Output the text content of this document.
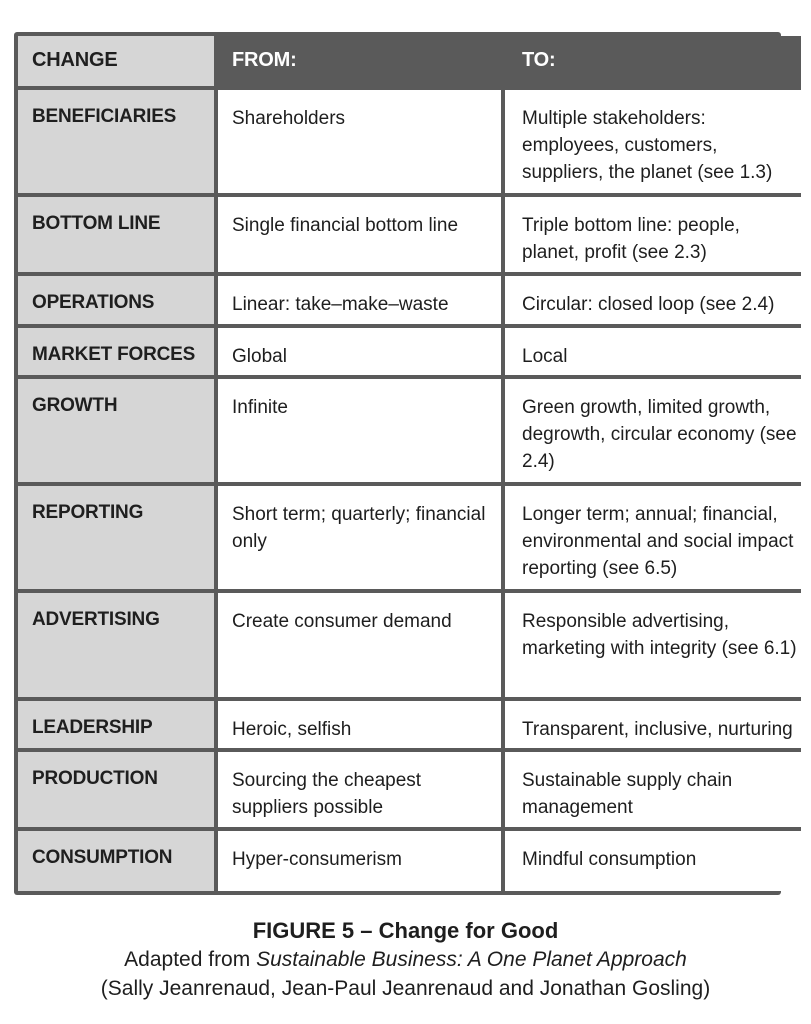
CHANGE	FROM:	TO:
BENEFICIARIES	Shareholders	Multiple stakeholders: employees, customers, suppliers, the planet (see 1.3)
BOTTOM LINE	Single financial bottom line	Triple bottom line: people, planet, profit (see 2.3)
OPERATIONS	Linear: take–make–waste	Circular: closed loop (see 2.4)
MARKET FORCES	Global	Local
GROWTH	Infinite	Green growth, limited growth, degrowth, circular economy (see 2.4)
REPORTING	Short term; quarterly; financial only	Longer term; annual; financial, environmental and social impact reporting (see 6.5)
ADVERTISING	Create consumer demand	Responsible advertising, marketing with integrity (see 6.1)
LEADERSHIP	Heroic, selfish	Transparent, inclusive, nurturing
PRODUCTION	Sourcing the cheapest suppliers possible	Sustainable supply chain management
CONSUMPTION	Hyper-consumerism	Mindful consumption
FIGURE 5 – Change for Good
Adapted from Sustainable Business: A One Planet Approach
(Sally Jeanrenaud, Jean-Paul Jeanrenaud and Jonathan Gosling)
